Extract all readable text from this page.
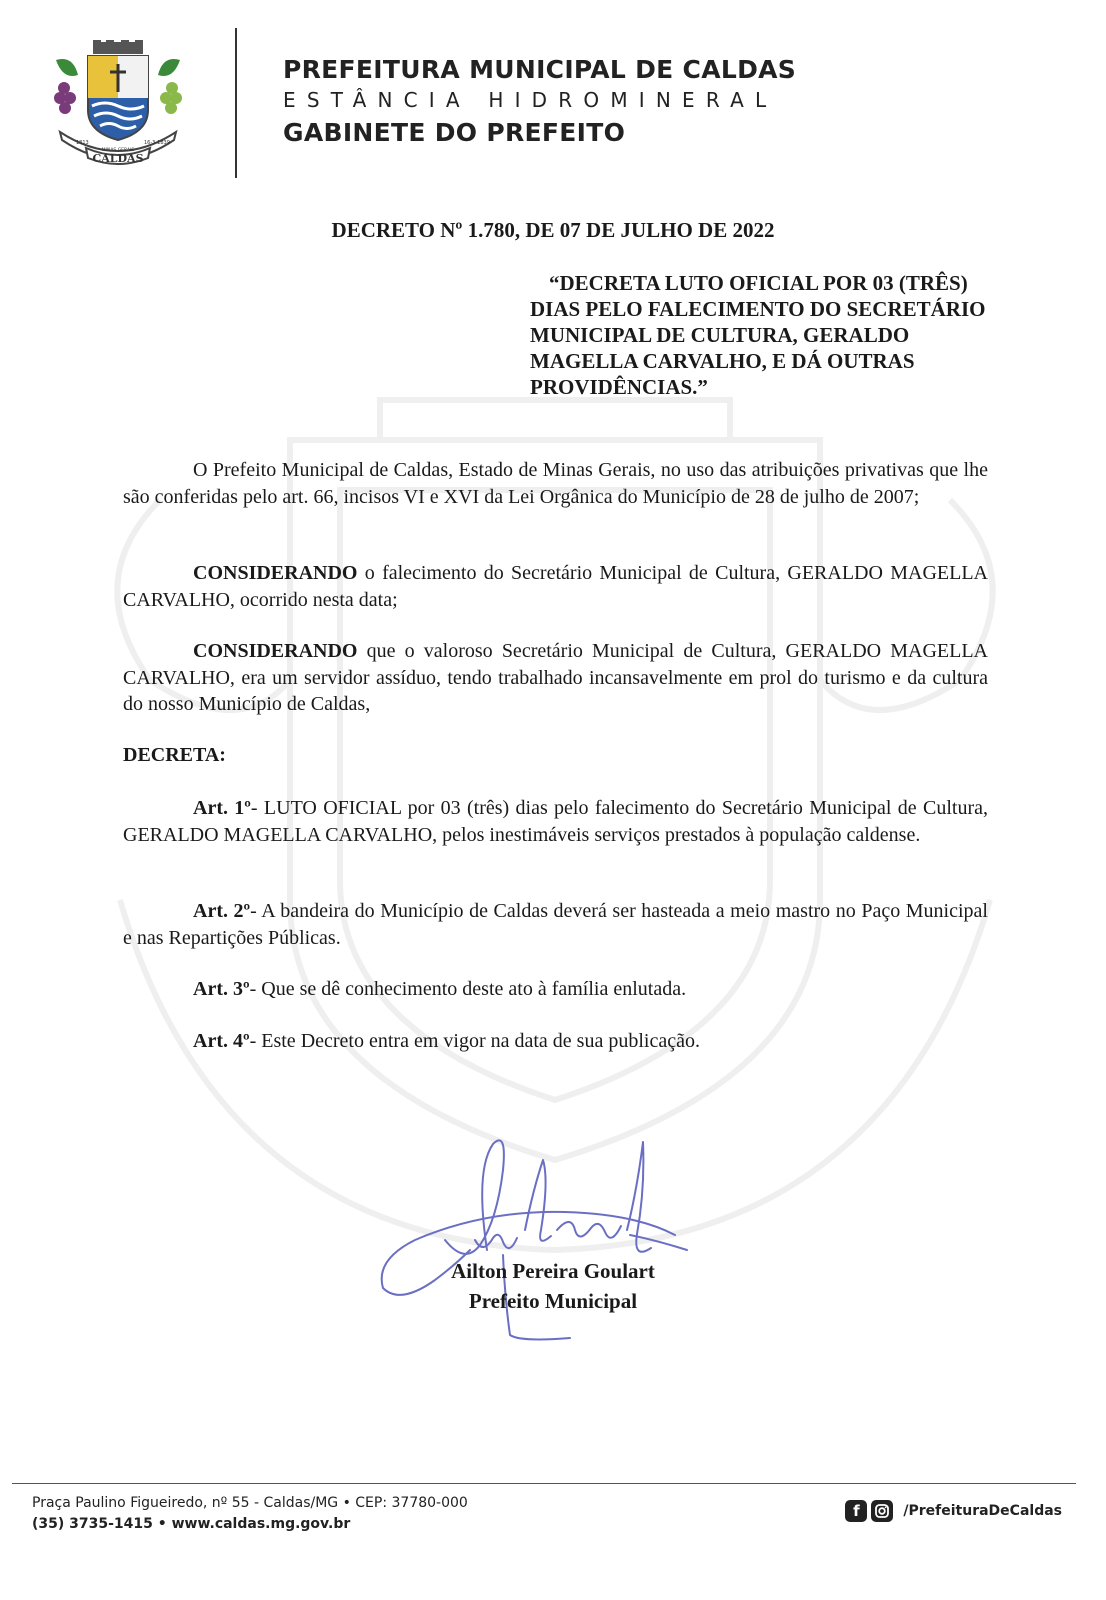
CALDAS
1813
MINAS GERAIS
16-3-1839
PREFEITURA MUNICIPAL DE CALDAS
ESTÂNCIA HIDROMINERAL
GABINETE DO PREFEITO
DECRETO Nº 1.780, DE 07 DE JULHO DE 2022
“DECRETA LUTO OFICIAL POR 03 (TRÊS) DIAS PELO FALECIMENTO DO SECRETÁRIO MUNICIPAL DE CULTURA, GERALDO MAGELLA CARVALHO, E DÁ OUTRAS PROVIDÊNCIAS.”

O Prefeito Municipal de Caldas, Estado de Minas Gerais, no uso das atribuições privativas que lhe são conferidas pelo art. 66, incisos VI e XVI da Lei Orgânica do Município de 28 de julho de 2007;

CONSIDERANDO o falecimento do Secretário Municipal de Cultura, GERALDO MAGELLA CARVALHO, ocorrido nesta data;

CONSIDERANDO que o valoroso Secretário Municipal de Cultura, GERALDO MAGELLA CARVALHO, era um servidor assíduo, tendo trabalhado incansavelmente em prol do turismo e da cultura do nosso Município de Caldas,

DECRETA:

Art. 1º- LUTO OFICIAL por 03 (três) dias pelo falecimento do Secretário Municipal de Cultura, GERALDO MAGELLA CARVALHO, pelos inestimáveis serviços prestados à população caldense.

Art. 2º- A bandeira do Município de Caldas deverá ser hasteada a meio mastro no Paço Municipal e nas Repartições Públicas.

Art. 3º- Que se dê conhecimento deste ato à família enlutada.

Art. 4º- Este Decreto entra em vigor na data de sua publicação.

Ailton Pereira Goulart
Prefeito Municipal
Praça Paulino Figueiredo, nº 55 - Caldas/MG • CEP: 37780-000
(35) 3735-1415 • www.caldas.mg.gov.br
f	/PrefeituraDeCaldas
